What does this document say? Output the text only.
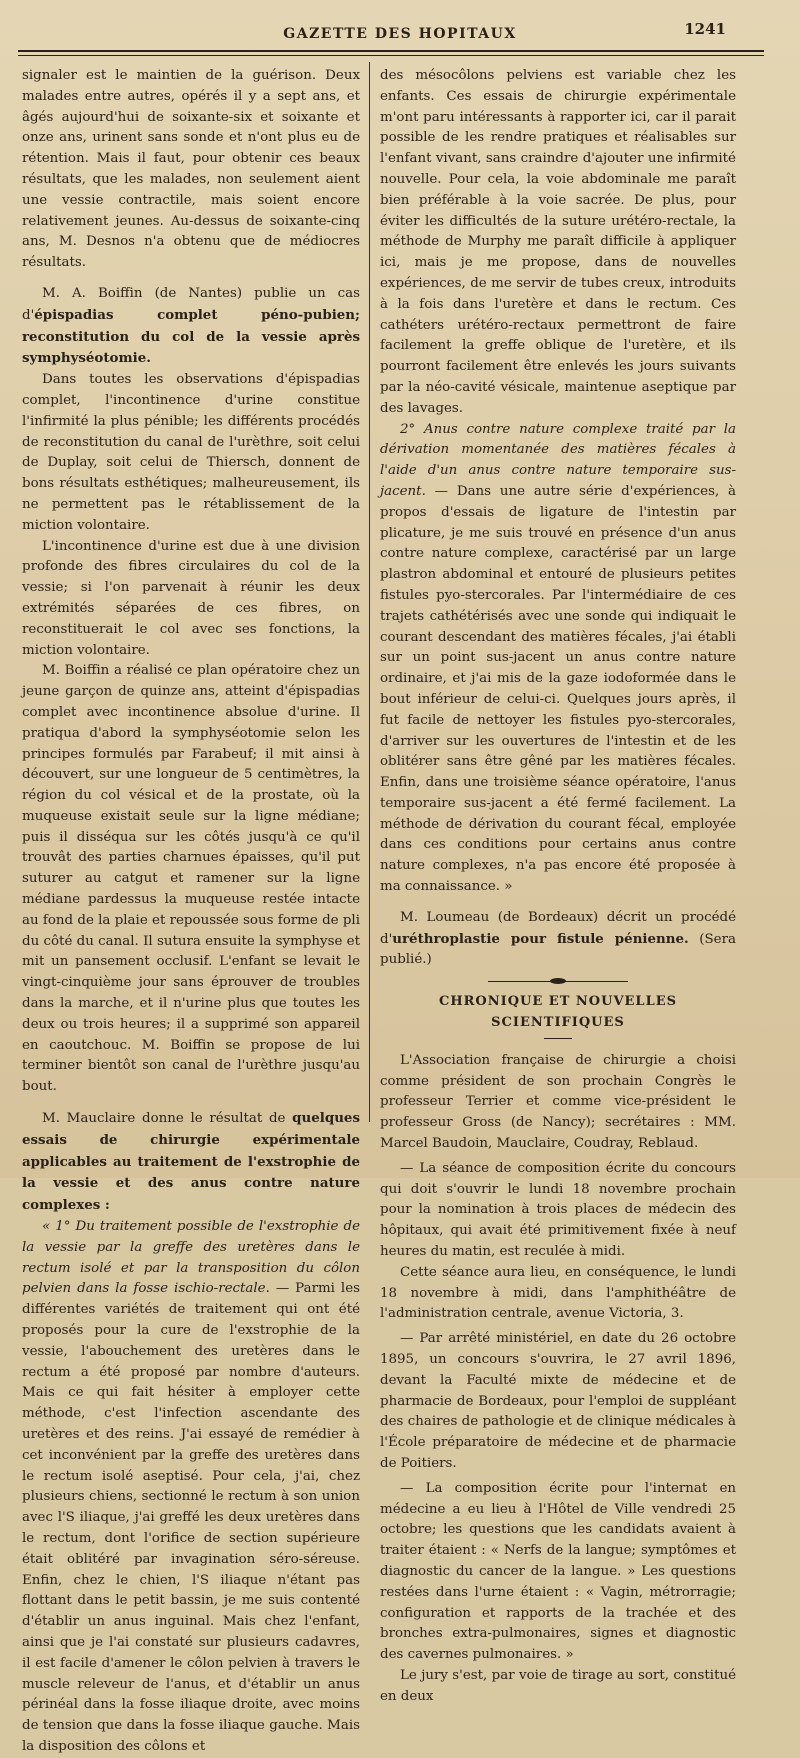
GAZETTE DES HOPITAUX	1241

signaler est le maintien de la guérison. Deux malades entre autres, opérés il y a sept ans, et âgés aujourd'hui de soixante-six et soixante et onze ans, urinent sans sonde et n'ont plus eu de rétention. Mais il faut, pour obtenir ces beaux résultats, que les malades, non seulement aient une vessie contractile, mais soient encore relativement jeunes. Au-dessus de soixante-cinq ans, M. Desnos n'a obtenu que de médiocres résultats.

M. A. Boiffin (de Nantes) publie un cas d'épispadias complet péno-pubien; reconstitution du col de la vessie après symphyséotomie.

Dans toutes les observations d'épispadias complet, l'incontinence d'urine constitue l'infirmité la plus pénible; les différents procédés de reconstitution du canal de l'urèthre, soit celui de Duplay, soit celui de Thiersch, donnent de bons résultats esthétiques; malheureusement, ils ne permettent pas le rétablissement de la miction volontaire.

L'incontinence d'urine est due à une division profonde des fibres circulaires du col de la vessie; si l'on parvenait à réunir les deux extrémités séparées de ces fibres, on reconstituerait le col avec ses fonctions, la miction volontaire.

M. Boiffin a réalisé ce plan opératoire chez un jeune garçon de quinze ans, atteint d'épispadias complet avec incontinence absolue d'urine. Il pratiqua d'abord la symphyséotomie selon les principes formulés par Farabeuf; il mit ainsi à découvert, sur une longueur de 5 centimètres, la région du col vésical et de la prostate, où la muqueuse existait seule sur la ligne médiane; puis il disséqua sur les côtés jusqu'à ce qu'il trouvât des parties charnues épaisses, qu'il put suturer au catgut et ramener sur la ligne médiane pardessus la muqueuse restée intacte au fond de la plaie et repoussée sous forme de pli du côté du canal. Il sutura ensuite la symphyse et mit un pansement occlusif. L'enfant se levait le vingt-cinquième jour sans éprouver de troubles dans la marche, et il n'urine plus que toutes les deux ou trois heures; il a supprimé son appareil en caoutchouc. M. Boiffin se propose de lui terminer bientôt son canal de l'urèthre jusqu'au bout.

M. Mauclaire donne le résultat de quelques essais de chirurgie expérimentale applicables au traitement de l'exstrophie de la vessie et des anus contre nature complexes :

« 1° Du traitement possible de l'exstrophie de la vessie par la greffe des uretères dans le rectum isolé et par la transposition du côlon pelvien dans la fosse ischio-rectale. — Parmi les différentes variétés de traitement qui ont été proposés pour la cure de l'exstrophie de la vessie, l'abouchement des uretères dans le rectum a été proposé par nombre d'auteurs. Mais ce qui fait hésiter à employer cette méthode, c'est l'infection ascendante des uretères et des reins. J'ai essayé de remédier à cet inconvénient par la greffe des uretères dans le rectum isolé aseptisé. Pour cela, j'ai, chez plusieurs chiens, sectionné le rectum à son union avec l'S iliaque, j'ai greffé les deux uretères dans le rectum, dont l'orifice de section supérieure était oblitéré par invagination séro-séreuse. Enfin, chez le chien, l'S iliaque n'étant pas flottant dans le petit bassin, je me suis contenté d'établir un anus inguinal. Mais chez l'enfant, ainsi que je l'ai constaté sur plusieurs cadavres, il est facile d'amener le côlon pelvien à travers le muscle releveur de l'anus, et d'établir un anus périnéal dans la fosse iliaque droite, avec moins de tension que dans la fosse iliaque gauche. Mais la disposition des côlons et

des mésocôlons pelviens est variable chez les enfants. Ces essais de chirurgie expérimentale m'ont paru intéressants à rapporter ici, car il parait possible de les rendre pratiques et réalisables sur l'enfant vivant, sans craindre d'ajouter une infirmité nouvelle. Pour cela, la voie abdominale me paraît bien préférable à la voie sacrée. De plus, pour éviter les difficultés de la suture urétéro-rectale, la méthode de Murphy me paraît difficile à appliquer ici, mais je me propose, dans de nouvelles expériences, de me servir de tubes creux, introduits à la fois dans l'uretère et dans le rectum. Ces cathéters urétéro-rectaux permettront de faire facilement la greffe oblique de l'uretère, et ils pourront facilement être enlevés les jours suivants par la néo-cavité vésicale, maintenue aseptique par des lavages.

2° Anus contre nature complexe traité par la dérivation momentanée des matières fécales à l'aide d'un anus contre nature temporaire sus-jacent. — Dans une autre série d'expériences, à propos d'essais de ligature de l'intestin par plicature, je me suis trouvé en présence d'un anus contre nature complexe, caractérisé par un large plastron abdominal et entouré de plusieurs petites fistules pyo-stercorales. Par l'intermédiaire de ces trajets cathétérisés avec une sonde qui indiquait le courant descendant des matières fécales, j'ai établi sur un point sus-jacent un anus contre nature ordinaire, et j'ai mis de la gaze iodoformée dans le bout inférieur de celui-ci. Quelques jours après, il fut facile de nettoyer les fistules pyo-stercorales, d'arriver sur les ouvertures de l'intestin et de les oblitérer sans être gêné par les matières fécales. Enfin, dans une troisième séance opératoire, l'anus temporaire sus-jacent a été fermé facilement. La méthode de dérivation du courant fécal, employée dans ces conditions pour certains anus contre nature complexes, n'a pas encore été proposée à ma connaissance. »

M. Loumeau (de Bordeaux) décrit un procédé d'uréthroplastie pour fistule pénienne. (Sera publié.)

CHRONIQUE ET NOUVELLES SCIENTIFIQUES

L'Association française de chirurgie a choisi comme président de son prochain Congrès le professeur Terrier et comme vice-président le professeur Gross (de Nancy); secrétaires : MM. Marcel Baudoin, Mauclaire, Coudray, Reblaud.

— La séance de composition écrite du concours qui doit s'ouvrir le lundi 18 novembre prochain pour la nomination à trois places de médecin des hôpitaux, qui avait été primitivement fixée à neuf heures du matin, est reculée à midi.

Cette séance aura lieu, en conséquence, le lundi 18 novembre à midi, dans l'amphithéâtre de l'administration centrale, avenue Victoria, 3.

— Par arrêté ministériel, en date du 26 octobre 1895, un concours s'ouvrira, le 27 avril 1896, devant la Faculté mixte de médecine et de pharmacie de Bordeaux, pour l'emploi de suppléant des chaires de pathologie et de clinique médicales à l'École préparatoire de médecine et de pharmacie de Poitiers.

— La composition écrite pour l'internat en médecine a eu lieu à l'Hôtel de Ville vendredi 25 octobre; les questions que les candidats avaient à traiter étaient : « Nerfs de la langue; symptômes et diagnostic du cancer de la langue. » Les questions restées dans l'urne étaient : « Vagin, métrorragie; configuration et rapports de la trachée et des bronches extra-pulmonaires, signes et diagnostic des cavernes pulmonaires. »

Le jury s'est, par voie de tirage au sort, constitué en deux
